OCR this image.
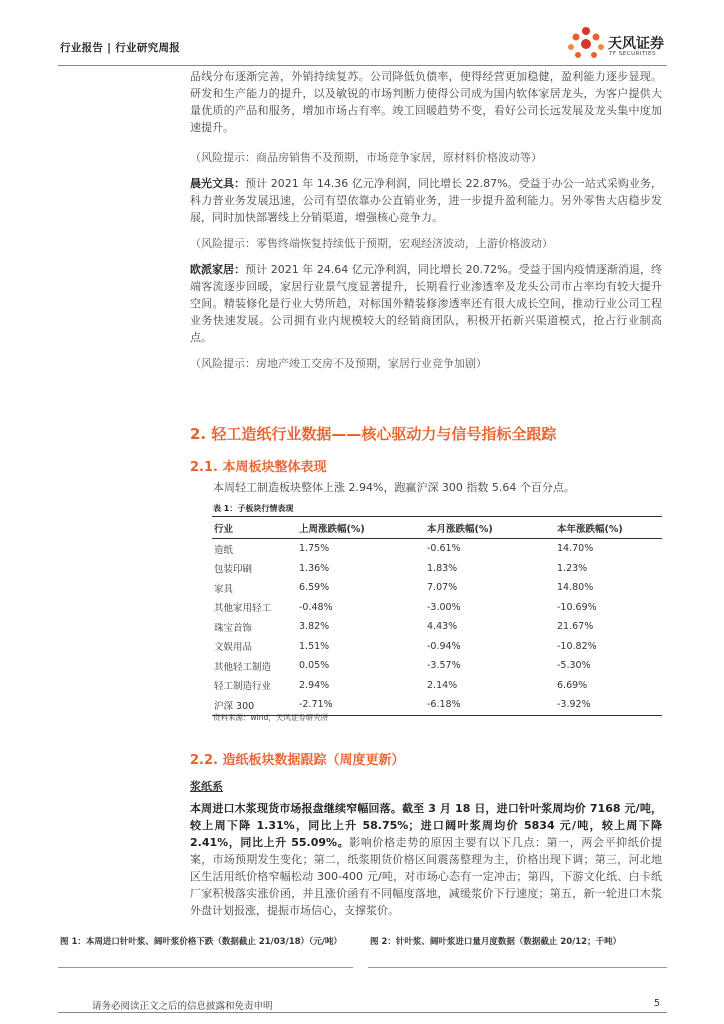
行业报告 | 行业研究周报	天风证券
TF SECURITIES
品线分布逐渐完善，外销持续复苏。公司降低负债率，使得经营更加稳健，盈利能力逐步显现。研发和生产能力的提升，以及敏锐的市场判断力使得公司成为国内软体家居龙头，为客户提供大量优质的产品和服务，增加市场占有率。竣工回暖趋势不变，看好公司长远发展及龙头集中度加速提升。
（风险提示：商品房销售不及预期，市场竞争家居，原材料价格波动等）
晨光文具：预计 2021 年 14.36 亿元净利润，同比增长 22.87%。受益于办公一站式采购业务，科力普业务发展迅速，公司有望依靠办公直销业务，进一步提升盈利能力。另外零售大店稳步发展，同时加快部署线上分销渠道，增强核心竞争力。
（风险提示：零售终端恢复持续低于预期，宏观经济波动，上游价格波动）
欧派家居：预计 2021 年 24.64 亿元净利润，同比增长 20.72%。受益于国内疫情逐渐消退，终端客流逐步回暖，家居行业景气度显著提升，长期看行业渗透率及龙头公司市占率均有较大提升空间。精装修化是行业大势所趋，对标国外精装修渗透率还有很大成长空间，推动行业公司工程业务快速发展。公司拥有业内规模较大的经销商团队，积极开拓新兴渠道模式，抢占行业制高点。
（风险提示：房地产竣工交房不及预期，家居行业竞争加剧）
2. 轻工造纸行业数据——核心驱动力与信号指标全跟踪
2.1. 本周板块整体表现
本周轻工制造板块整体上涨 2.94%，跑赢沪深 300 指数 5.64 个百分点。
表 1：子板块行情表现
行业	上周涨跌幅(%)	本月涨跌幅(%)	本年涨跌幅(%)
造纸	1.75%	-0.61%	14.70%
包装印刷	1.36%	1.83%	1.23%
家具	6.59%	7.07%	14.80%
其他家用轻工	-0.48%	-3.00%	-10.69%
珠宝首饰	3.82%	4.43%	21.67%
文娱用品	1.51%	-0.94%	-10.82%
其他轻工制造	0.05%	-3.57%	-5.30%
轻工制造行业	2.94%	2.14%	6.69%
沪深 300	-2.71%	-6.18%	-3.92%
资料来源：wind，天风证券研究所
2.2. 造纸板块数据跟踪（周度更新）
浆纸系
本周进口木浆现货市场报盘继续窄幅回落。截至 3 月 18 日，进口针叶浆周均价 7168 元/吨，较上周下降 1.31%，同比上升 58.75%；进口阔叶浆周均价 5834 元/吨，较上周下降 2.41%，同比上升 55.09%。影响价格走势的原因主要有以下几点：第一，两会平抑纸价提案，市场预期发生变化；第二，纸浆期货价格区间震荡整理为主，价格出现下调；第三，河北地区生活用纸价格窄幅松动 300-400 元/吨，对市场心态有一定冲击；第四，下游文化纸、白卡纸厂家积极落实涨价函，并且涨价函有不同幅度落地，减缓浆价下行速度；第五，新一轮进口木浆外盘计划报涨，提振市场信心，支撑浆价。
图 1：本周进口针叶浆、阔叶浆价格下跌（数据截止 21/03/18）（元/吨）	图 2：针叶浆、阔叶浆进口量月度数据（数据截止 20/12；千吨）
请务必阅读正文之后的信息披露和免责申明	5
